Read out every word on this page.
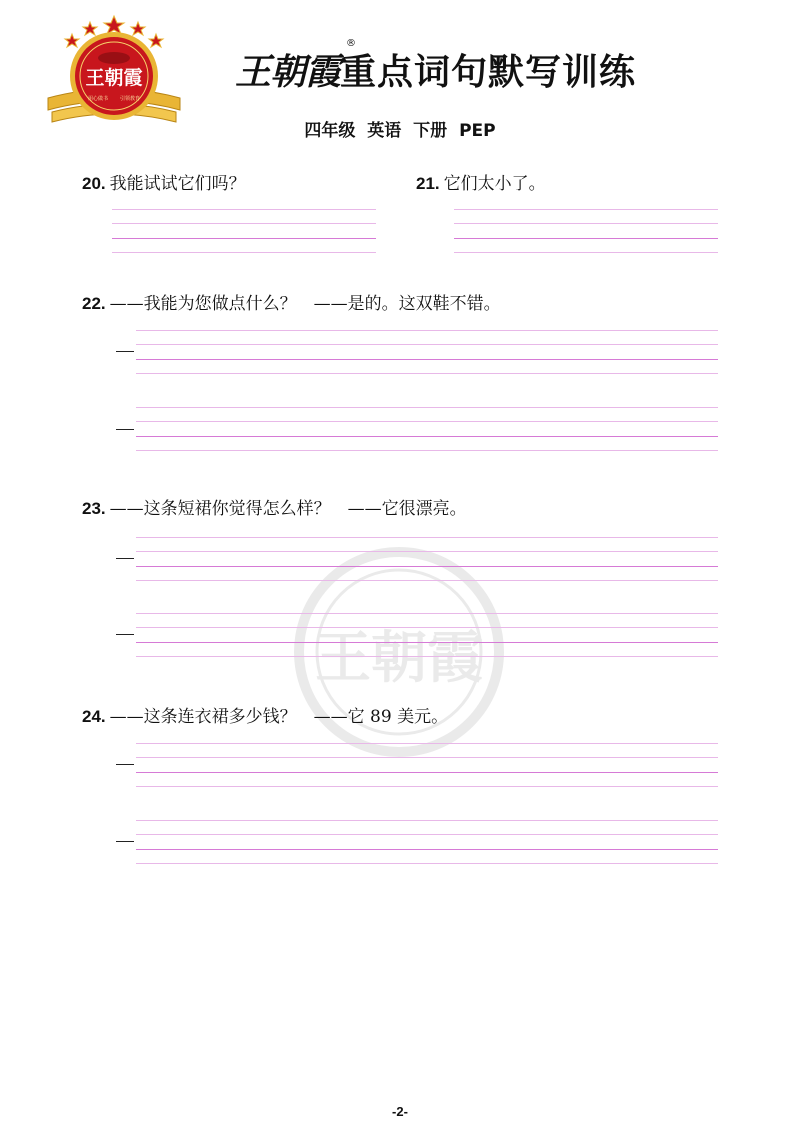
王朝霞
用心做书 引领教育
王朝霞重点词句默写训练
®
四年级 英语 下册 PEP
王朝霞
20. 我能试试它们吗？	21. 它们太小了。
22. ——我能为您做点什么？　——是的。这双鞋不错。
23. ——这条短裙你觉得怎么样？　——它很漂亮。
24. ——这条连衣裙多少钱？　——它 89 美元。
-2-
